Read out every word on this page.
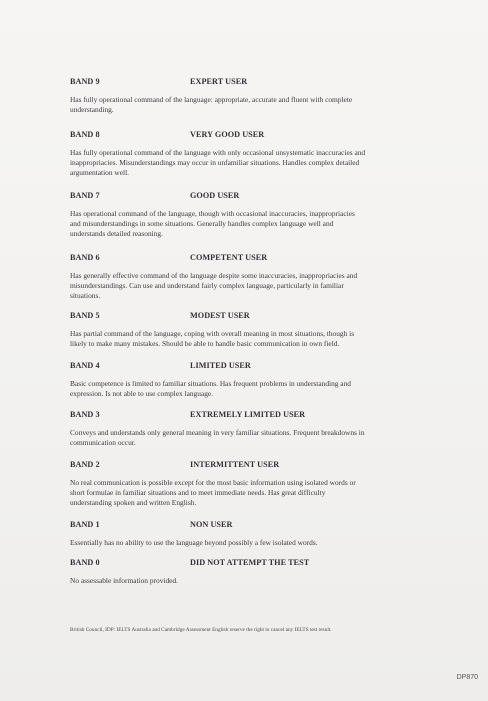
BAND 9	EXPERT USER
Has fully operational command of the language: appropriate, accurate and fluent with complete
understanding.
BAND 8	VERY GOOD USER
Has fully operational command of the language with only occasional unsystematic inaccuracies and
inappropriacies. Misunderstandings may occur in unfamiliar situations. Handles complex detailed
argumentation well.
BAND 7	GOOD USER
Has operational command of the language, though with occasional inaccuracies, inappropriacies
and misunderstandings in some situations. Generally handles complex language well and
understands detailed reasoning.
BAND 6	COMPETENT USER
Has generally effective command of the language despite some inaccuracies, inappropriacies and
misunderstandings. Can use and understand fairly complex language, particularly in familiar
situations.
BAND 5	MODEST USER
Has partial command of the language, coping with overall meaning in most situations, though is
likely to make many mistakes. Should be able to handle basic communication in own field.
BAND 4	LIMITED USER
Basic competence is limited to familiar situations. Has frequent problems in understanding and
expression. Is not able to use complex language.
BAND 3	EXTREMELY LIMITED USER
Conveys and understands only general meaning in very familiar situations. Frequent breakdowns in
communication occur.
BAND 2	INTERMITTENT USER
No real communication is possible except for the most basic information using isolated words or
short formulae in familiar situations and to meet immediate needs. Has great difficulty
understanding spoken and written English.
BAND 1	NON USER
Essentially has no ability to use the language beyond possibly a few isolated words.
BAND 0	DID NOT ATTEMPT THE TEST
No assessable information provided.
British Council, IDP: IELTS Australia and Cambridge Assessment English reserve the right to cancel any IELTS test result.
DP870
